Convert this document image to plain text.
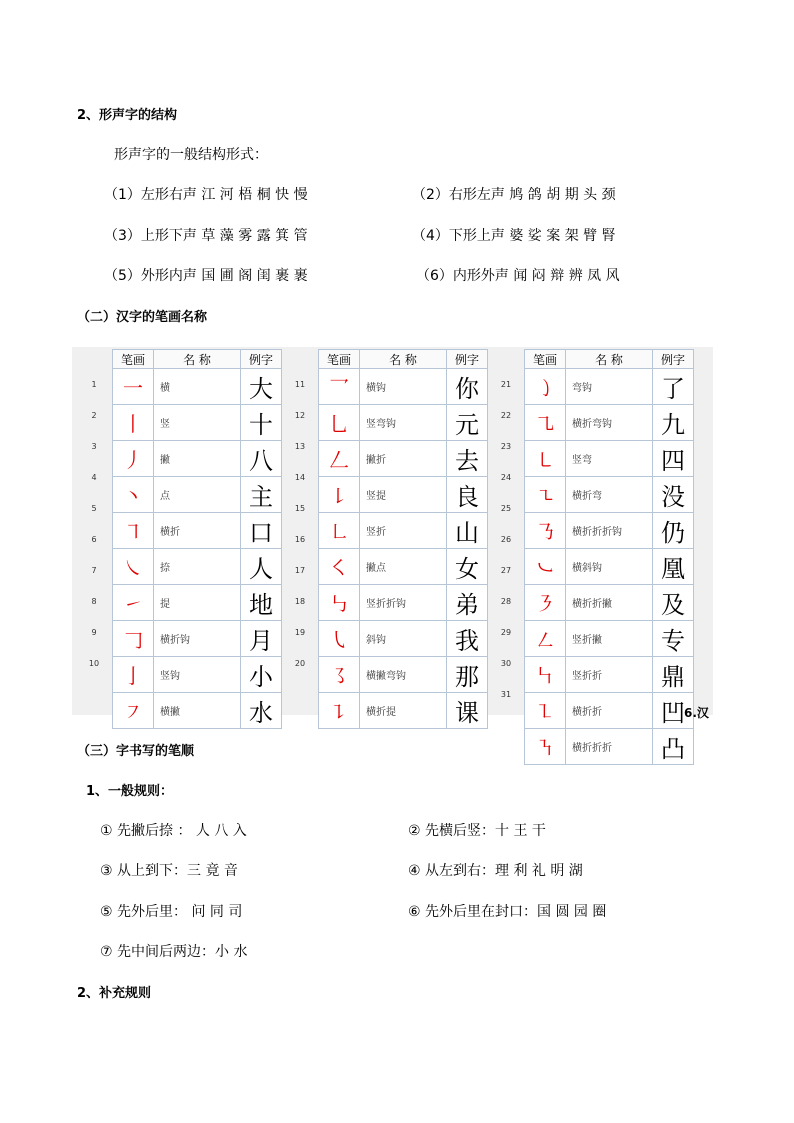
2、形声字的结构
形声字的一般结构形式：
（1）左形右声 江 河 梧 桐 快 慢	（2）右形左声 鸠 鸽 胡 期 头 颈
（3）上形下声 草 藻 雾 露 箕 管	（4）下形上声 婆 娑 案 架 臂 腎
（5）外形内声 国 圃 阁 闺 裹 裹	（6）内形外声 闻 闷 辩 辨 凤 风
（二）汉字的笔画名称
1
2
3
4
5
6
7
8
9
10
笔画	名 称	例字
一	横	大
丨	竖	十
丿	撇	八
丶	点	主
㇕	横折	口
㇏	捺	人
㇀	提	地
𠃌	横折钩	月
亅	竖钩	小
㇇	横撇	水
11
12
13
14
15
16
17
18
19
20
笔画	名 称	例字
乛	横钩	你
乚	竖弯钩	元
𠃋	撇折	去
㇙	竖提	良
㇗	竖折	山
㇛	撇点	女
㇉	竖折折钩	弟
㇂	斜钩	我
㇌	横撇弯钩	那
㇊	横折提	课
21
22
23
24
25
26
27
28
29
30
31
笔画	名 称	例字
㇁	弯钩	了
㇈	横折弯钩	九
㇄	竖弯	四
㇍	横折弯	没
㇡	横折折折钩	仍
㇃	横斜钩	凰
㇋	横折折撇	及
㇜	竖折撇	专
㇞	竖折折	鼎
㇅	横折折	凹
㇎	横折折折	凸
6.汉
（三）字书写的笔顺
1、一般规则：
① 先撇后捺 ： 人 八 入	② 先横后竖：十 王 干
③ 从上到下：三 竟 音	④ 从左到右：理 利 礼 明 湖
⑤ 先外后里： 问 同 司	⑥ 先外后里在封口：国 圆 园 圈
⑦ 先中间后两边：小 水
2、补充规则
